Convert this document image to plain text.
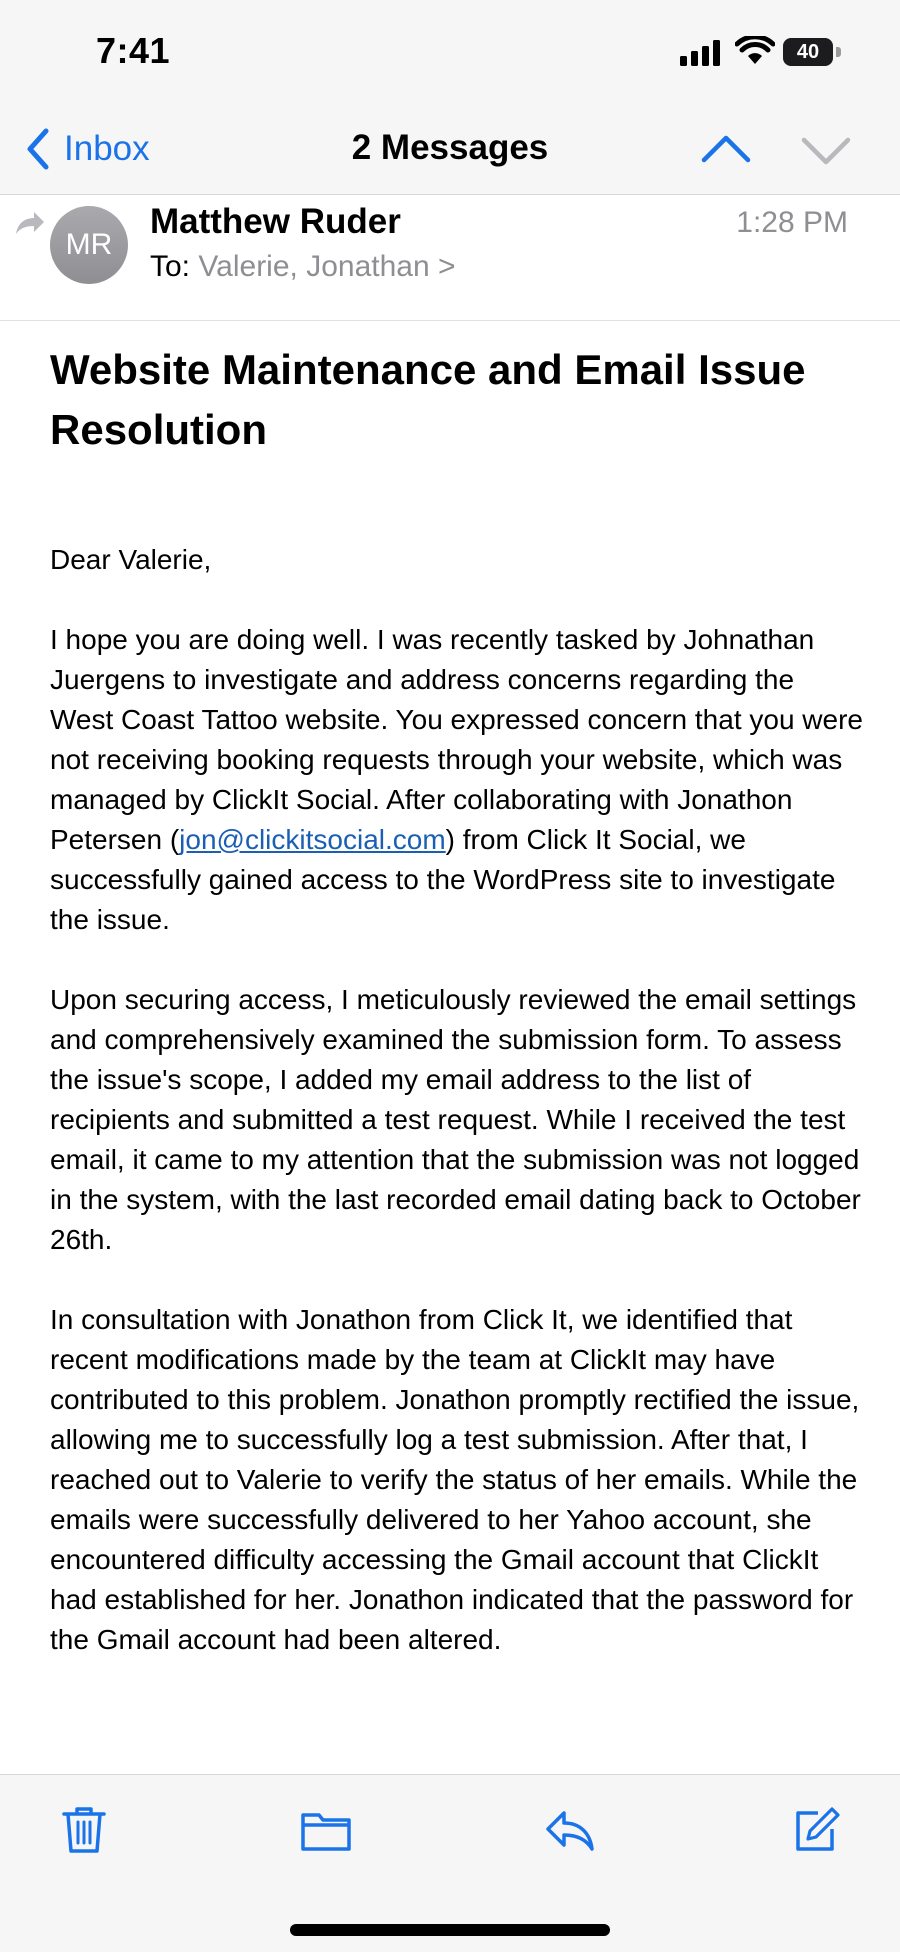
7:41	40
Inbox	2 Messages
MR
Matthew Ruder
To: Valerie, Jonathan >
1:28 PM
Website Maintenance and Email Issue Resolution

Dear Valerie,

I hope you are doing well. I was recently tasked by Johnathan Juergens to investigate and address concerns regarding the West Coast Tattoo website. You expressed concern that you were not receiving booking requests through your website, which was managed by ClickIt Social. After collaborating with Jonathon Petersen (jon@clickitsocial.com) from Click It Social, we successfully gained access to the WordPress site to investigate the issue.

Upon securing access, I meticulously reviewed the email settings and comprehensively examined the submission form. To assess the issue's scope, I added my email address to the list of recipients and submitted a test request. While I received the test email, it came to my attention that the submission was not logged in the system, with the last recorded email dating back to October 26th.

In consultation with Jonathon from Click It, we identified that recent modifications made by the team at ClickIt may have contributed to this problem. Jonathon promptly rectified the issue, allowing me to successfully log a test submission. After that, I reached out to Valerie to verify the status of her emails. While the emails were successfully delivered to her Yahoo account, she encountered difficulty accessing the Gmail account that ClickIt had established for her. Jonathon indicated that the password for the Gmail account had been altered.
